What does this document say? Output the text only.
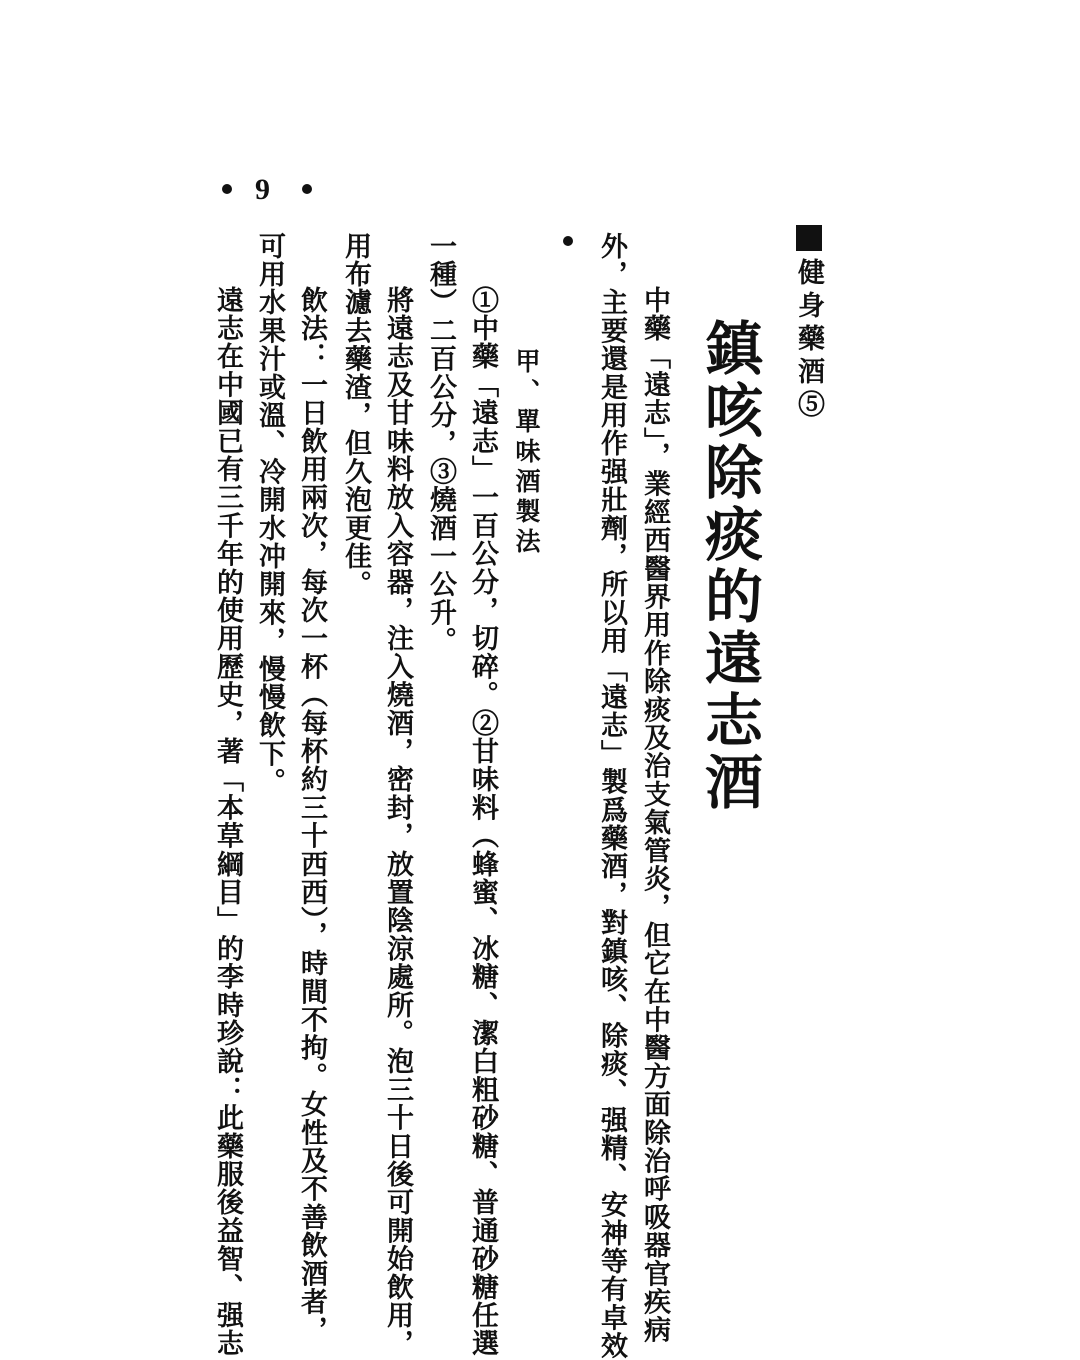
健身藥酒⑤
鎮咳除痰的遠志酒
中藥「遠志」，業經西醫界用作除痰及治支氣管炎，但它在中醫方面除治呼吸器官疾病
外，主要還是用作强壯劑，所以用「遠志」製爲藥酒，對鎮咳、除痰、强精、安神等有卓效
甲、單味酒製法
①中藥「遠志」一百公分，切碎。②甘味料（蜂蜜、冰糖、潔白粗砂糖、普通砂糖任選
一種）二百公分，③燒酒一公升。
將遠志及甘味料放入容器，注入燒酒，密封，放置陰涼處所。泡三十日後可開始飲用，
用布濾去藥渣，但久泡更佳。
飲法：一日飲用兩次，每次一杯（每杯約三十西西），時間不拘。女性及不善飲酒者，
可用水果汁或溫、冷開水冲開來，慢慢飲下。
遠志在中國已有三千年的使用歷史，著「本草綱目」的李時珍說：此藥服後益智、强志
9
